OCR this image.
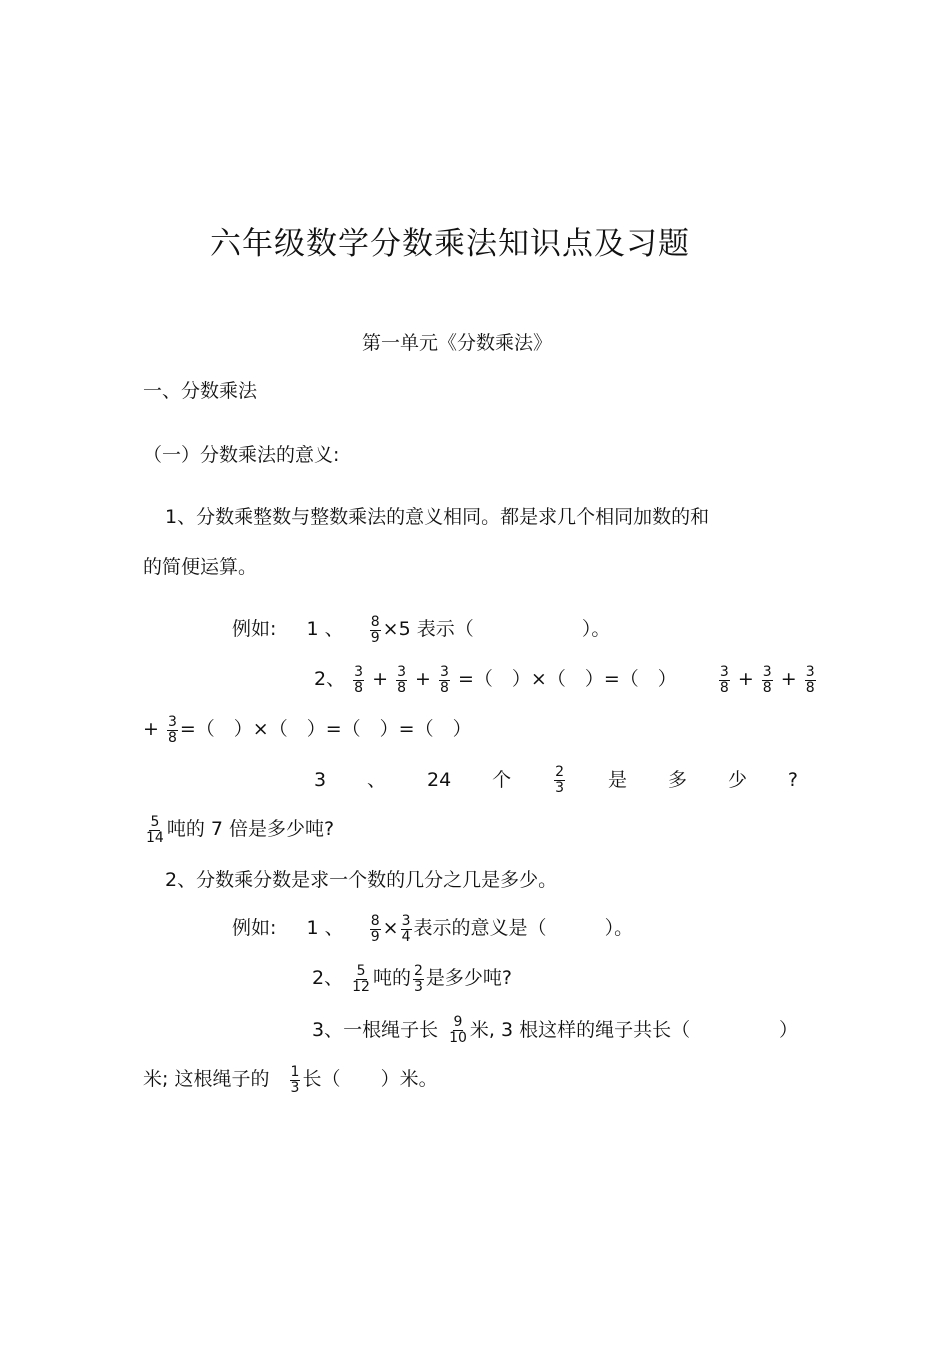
六年级数学分数乘法知识点及习题
第一单元《分数乘法》
一、分数乘法
（一）分数乘法的意义:
1、分数乘整数与整数乘法的意义相同。都是求几个相同加数的和
的简便运算。
例如: 1 、 $\frac{8}{9} \times 5$ 表示（	）。
2、 $\frac{3}{8} + \frac{3}{8} + \frac{3}{8}$ =（　）×（　）=（　）	$\frac{3}{8} + \frac{3}{8} + \frac{3}{8}$
+ $\frac{3}{8}$ =（　）×（　）=（　）=（　）
3 、 24 个	$\frac{2}{3}$ 是 多 少 ?
$\frac{5}{14}$ 吨的 7 倍是多少吨?
2、分数乘分数是求一个数的几分之几是多少。
例如: 1 、 $\frac{8}{9} \times \frac{3}{4}$ 表示的意义是（	）。
2、 $\frac{5}{12}$ 吨的 $\frac{2}{3}$ 是多少吨?
3、一根绳子长 $\frac{9}{10}$ 米, 3 根这样的绳子共长（	）
米; 这根绳子的 $\frac{1}{3}$ 长（ ）米。
